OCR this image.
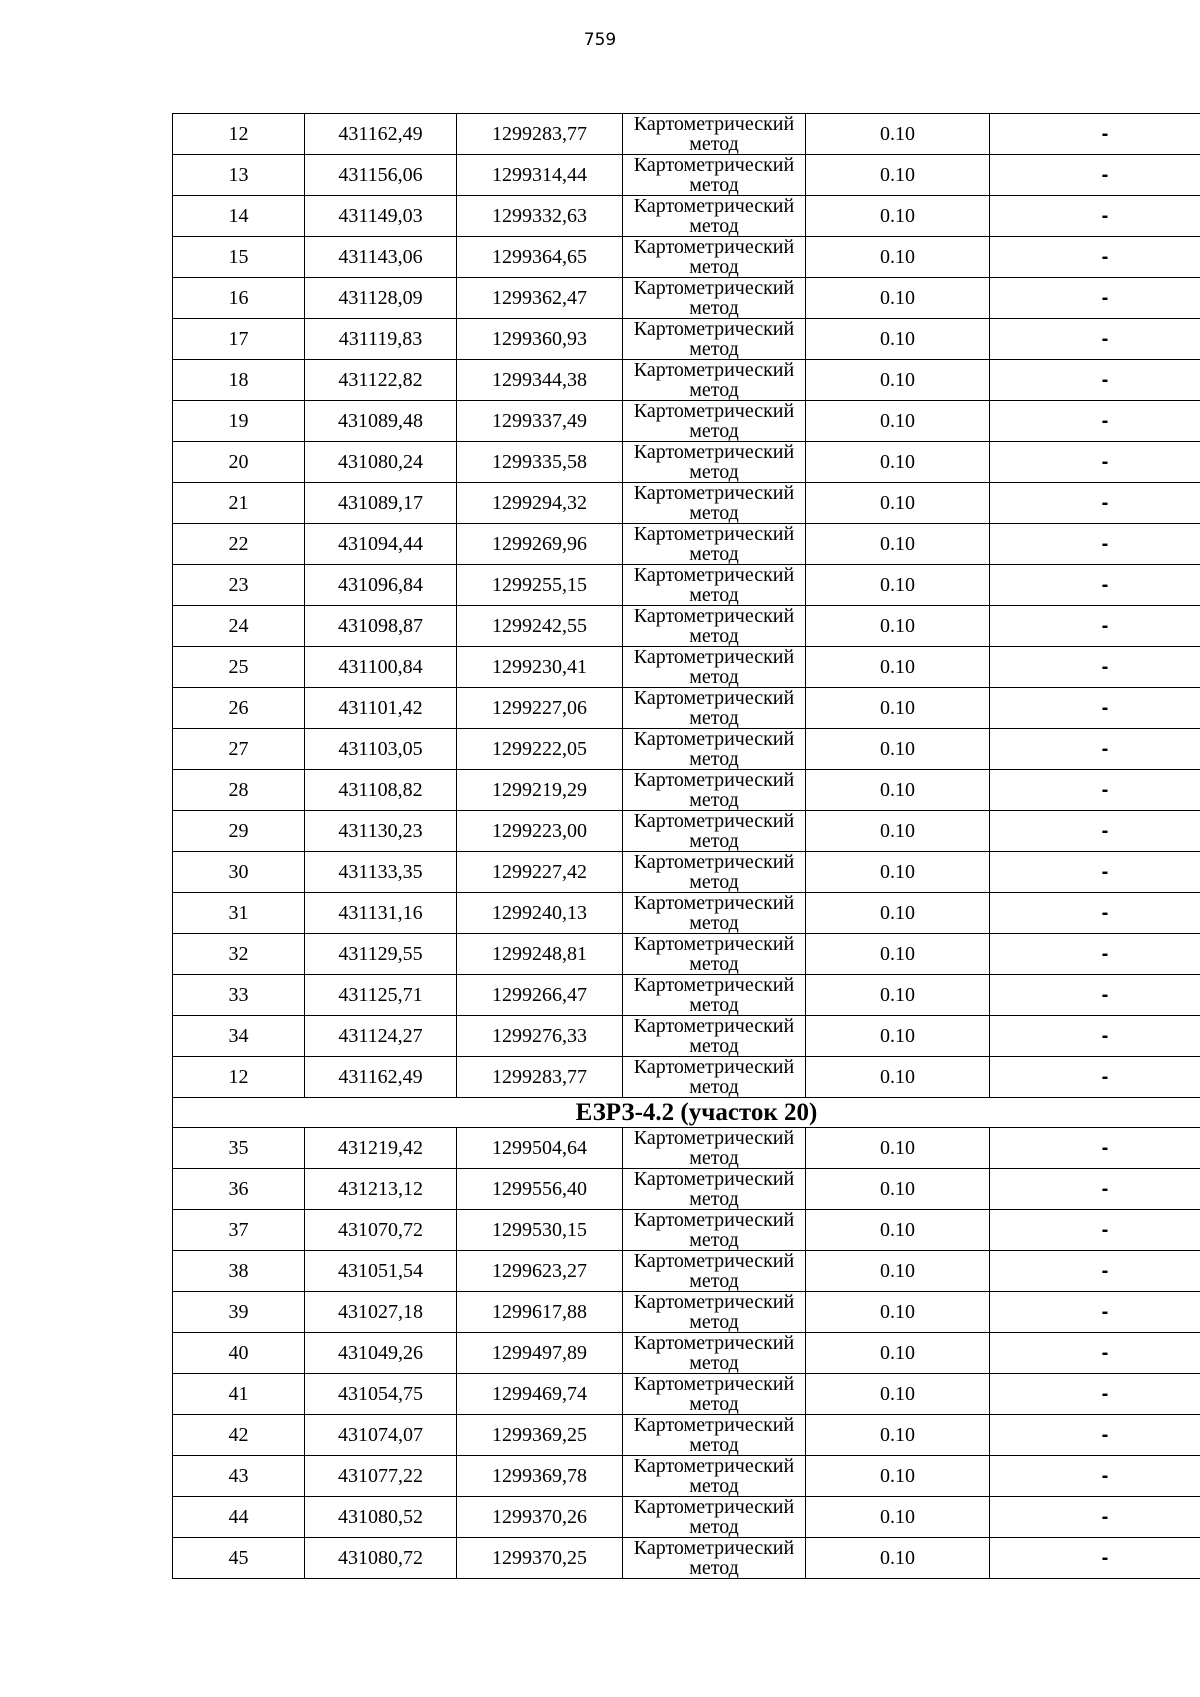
759
12	431162,49	1299283,77	Картометрический
метод	0.10	-
13	431156,06	1299314,44	Картометрический
метод	0.10	-
14	431149,03	1299332,63	Картометрический
метод	0.10	-
15	431143,06	1299364,65	Картометрический
метод	0.10	-
16	431128,09	1299362,47	Картометрический
метод	0.10	-
17	431119,83	1299360,93	Картометрический
метод	0.10	-
18	431122,82	1299344,38	Картометрический
метод	0.10	-
19	431089,48	1299337,49	Картометрический
метод	0.10	-
20	431080,24	1299335,58	Картометрический
метод	0.10	-
21	431089,17	1299294,32	Картометрический
метод	0.10	-
22	431094,44	1299269,96	Картометрический
метод	0.10	-
23	431096,84	1299255,15	Картометрический
метод	0.10	-
24	431098,87	1299242,55	Картометрический
метод	0.10	-
25	431100,84	1299230,41	Картометрический
метод	0.10	-
26	431101,42	1299227,06	Картометрический
метод	0.10	-
27	431103,05	1299222,05	Картометрический
метод	0.10	-
28	431108,82	1299219,29	Картометрический
метод	0.10	-
29	431130,23	1299223,00	Картометрический
метод	0.10	-
30	431133,35	1299227,42	Картометрический
метод	0.10	-
31	431131,16	1299240,13	Картометрический
метод	0.10	-
32	431129,55	1299248,81	Картометрический
метод	0.10	-
33	431125,71	1299266,47	Картометрический
метод	0.10	-
34	431124,27	1299276,33	Картометрический
метод	0.10	-
12	431162,49	1299283,77	Картометрический
метод	0.10	-
ЕЗРЗ-4.2 (участок 20)					
35	431219,42	1299504,64	Картометрический
метод	0.10	-
36	431213,12	1299556,40	Картометрический
метод	0.10	-
37	431070,72	1299530,15	Картометрический
метод	0.10	-
38	431051,54	1299623,27	Картометрический
метод	0.10	-
39	431027,18	1299617,88	Картометрический
метод	0.10	-
40	431049,26	1299497,89	Картометрический
метод	0.10	-
41	431054,75	1299469,74	Картометрический
метод	0.10	-
42	431074,07	1299369,25	Картометрический
метод	0.10	-
43	431077,22	1299369,78	Картометрический
метод	0.10	-
44	431080,52	1299370,26	Картометрический
метод	0.10	-
45	431080,72	1299370,25	Картометрический
метод	0.10	-
